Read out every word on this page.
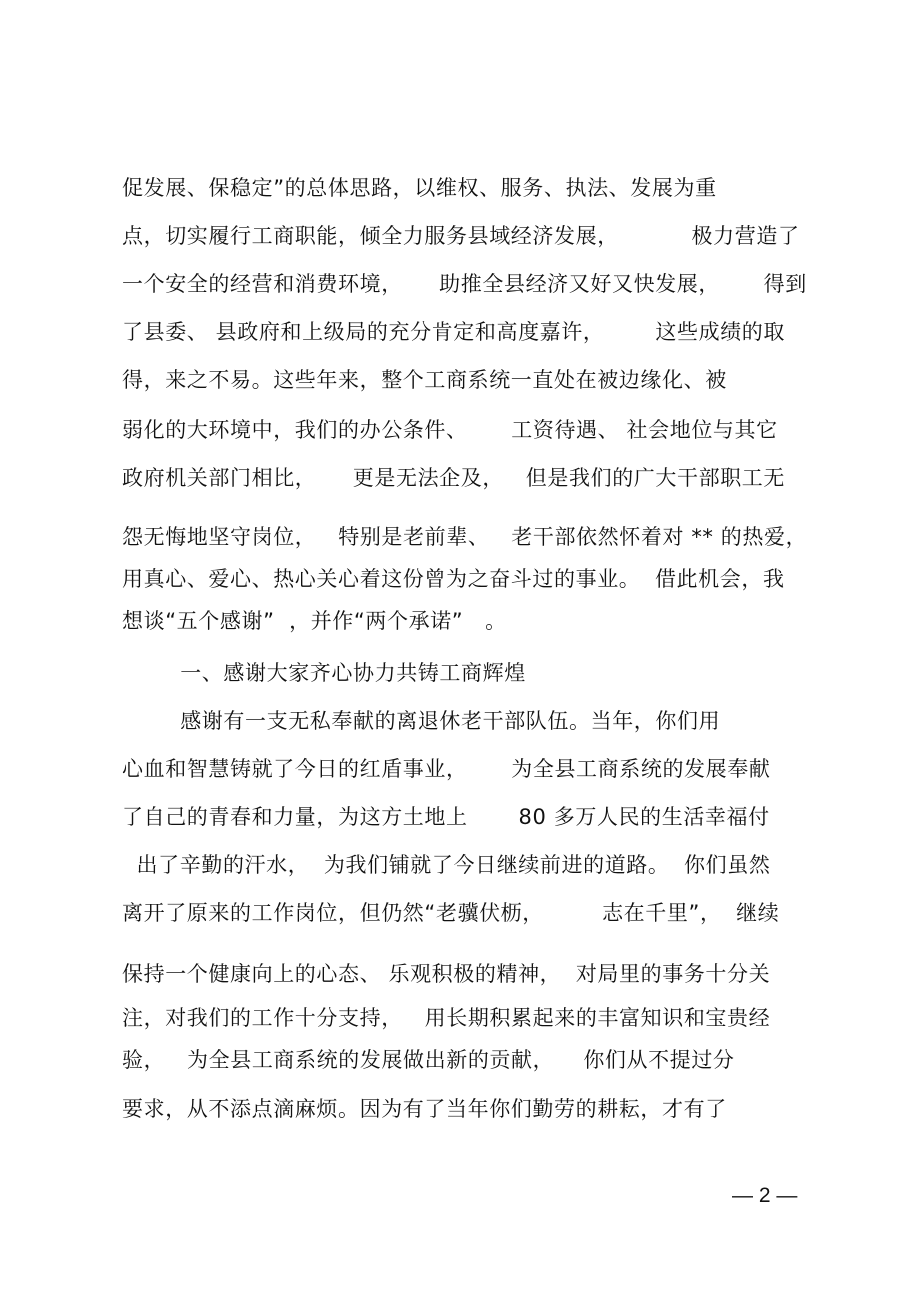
促发展、保稳定”的总体思路，以维权、服务、执法、发展为重
点，切实履行工商职能，倾全力服务县域经济发展，          极力营造了
一个安全的经营和消费环境，     助推全县经济又好又快发展，      得到
了县委、 县政府和上级局的充分肯定和高度嘉许，       这些成绩的取
得，来之不易。这些年来，整个工商系统一直处在被边缘化、被
弱化的大环境中，我们的办公条件、      工资待遇、 社会地位与其它
政府机关部门相比，     更是无法企及，   但是我们的广大干部职工无
怨无悔地坚守岗位，   特别是老前辈、   老干部依然怀着对 ** 的热爱，
用真心、爱心、热心关心着这份曾为之奋斗过的事业。  借此机会，我
想谈“五个感谢”  ，并作“两个承诺”   。
一、感谢大家齐心协力共铸工商辉煌
感谢有一支无私奉献的离退休老干部队伍。当年，你们用
心血和智慧铸就了今日的红盾事业，      为全县工商系统的发展奉献
了自己的青春和力量，为这方土地上       80 多万人民的生活幸福付
出了辛勤的汗水，  为我们铺就了今日继续前进的道路。  你们虽然
离开了原来的工作岗位，但仍然“老骥伏枥，        志在千里”，  继续
保持一个健康向上的心态、 乐观积极的精神，  对局里的事务十分关
注，对我们的工作十分支持，   用长期积累起来的丰富知识和宝贵经
验，   为全县工商系统的发展做出新的贡献，    你们从不提过分
要求，从不添点滴麻烦。因为有了当年你们勤劳的耕耘，才有了
— 2 —
